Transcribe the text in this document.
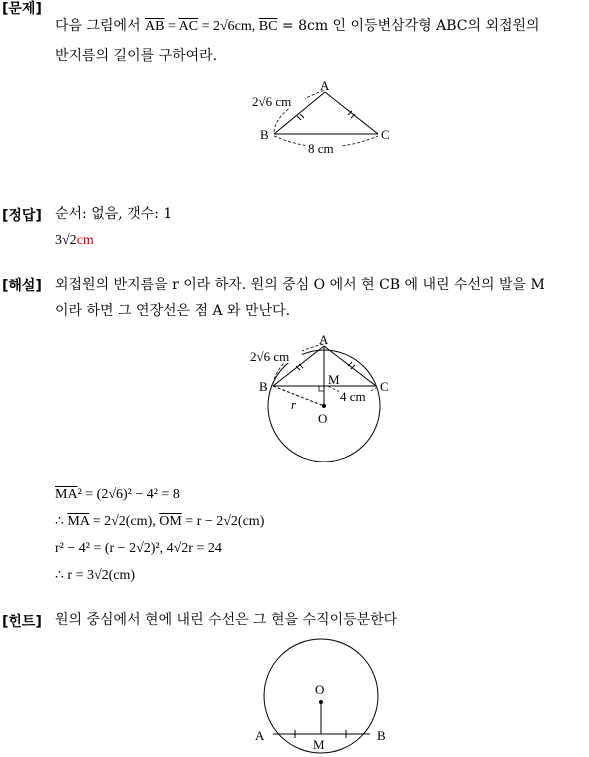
[문제]
다음 그림에서 $\overline{AB} = \overline{AC} = 2√6cm$, $\overline{BC} = 8cm$ 인 이등변삼각형 ABC의 외접원의
반지름의 길이를 구하여라.
2√6 cm
A
B	C
8 cm
[정답] 순서: 없음, 갯수: 1
3√2cm
[해설] 외접원의 반지름을 r 이라 하자. 원의 중심 O 에서 현 CB 에 내린 수선의 발을 M
이라 하면 그 연장선은 점 A 와 만난다.
2√6 cm
A
B	C
M
4 cm
r
O
$\overline{MA}^2 = (2√6)^2 - 4^2 = 8$
∴ $\overline{MA} = 2√2(cm)$, $\overline{OM} = r - 2√2(cm)$
r² − 4² = (r − 2√2)², 4√2r = 24
∴ r = 3√2(cm)
[힌트] 원의 중심에서 현에 내린 수선은 그 현을 수직이등분한다
O
A
M
B
